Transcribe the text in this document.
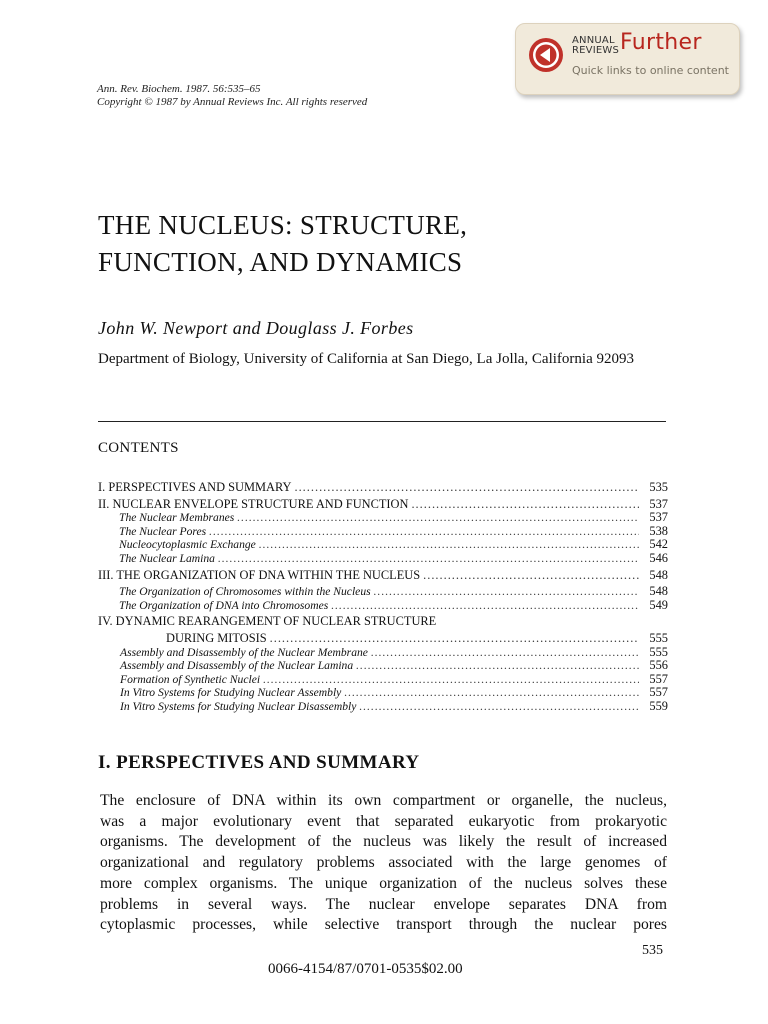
ANNUAL
REVIEWS Further
Quick links to online content
Ann. Rev. Biochem. 1987. 56:535–65
Copyright © 1987 by Annual Reviews Inc. All rights reserved
THE NUCLEUS: STRUCTURE,
FUNCTION, AND DYNAMICS
John W. Newport and Douglass J. Forbes
Department of Biology, University of California at San Diego, La Jolla, California 92093
CONTENTS
I. PERSPECTIVES AND SUMMARY .....	535
II. NUCLEAR ENVELOPE STRUCTURE AND FUNCTION .....	537
The Nuclear Membranes .....	537
The Nuclear Pores .....	538
Nucleocytoplasmic Exchange .....	542
The Nuclear Lamina .....	546
III. THE ORGANIZATION OF DNA WITHIN THE NUCLEUS .....	548
The Organization of Chromosomes within the Nucleus .....	548
The Organization of DNA into Chromosomes .....	549
IV. DYNAMIC REARANGEMENT OF NUCLEAR STRUCTURE
DURING MITOSIS .....	555
Assembly and Disassembly of the Nuclear Membrane .....	555
Assembly and Disassembly of the Nuclear Lamina .....	556
Formation of Synthetic Nuclei .....	557
In Vitro Systems for Studying Nuclear Assembly .....	557
In Vitro Systems for Studying Nuclear Disassembly .....	559
I. PERSPECTIVES AND SUMMARY
The enclosure of DNA within its own compartment or organelle, the nucleus,
was a major evolutionary event that separated eukaryotic from prokaryotic
organisms. The development of the nucleus was likely the result of increased
organizational and regulatory problems associated with the large genomes of
more complex organisms. The unique organization of the nucleus solves these
problems in several ways. The nuclear envelope separates DNA from
cytoplasmic processes, while selective transport through the nuclear pores
535
0066-4154/87/0701-0535$02.00
